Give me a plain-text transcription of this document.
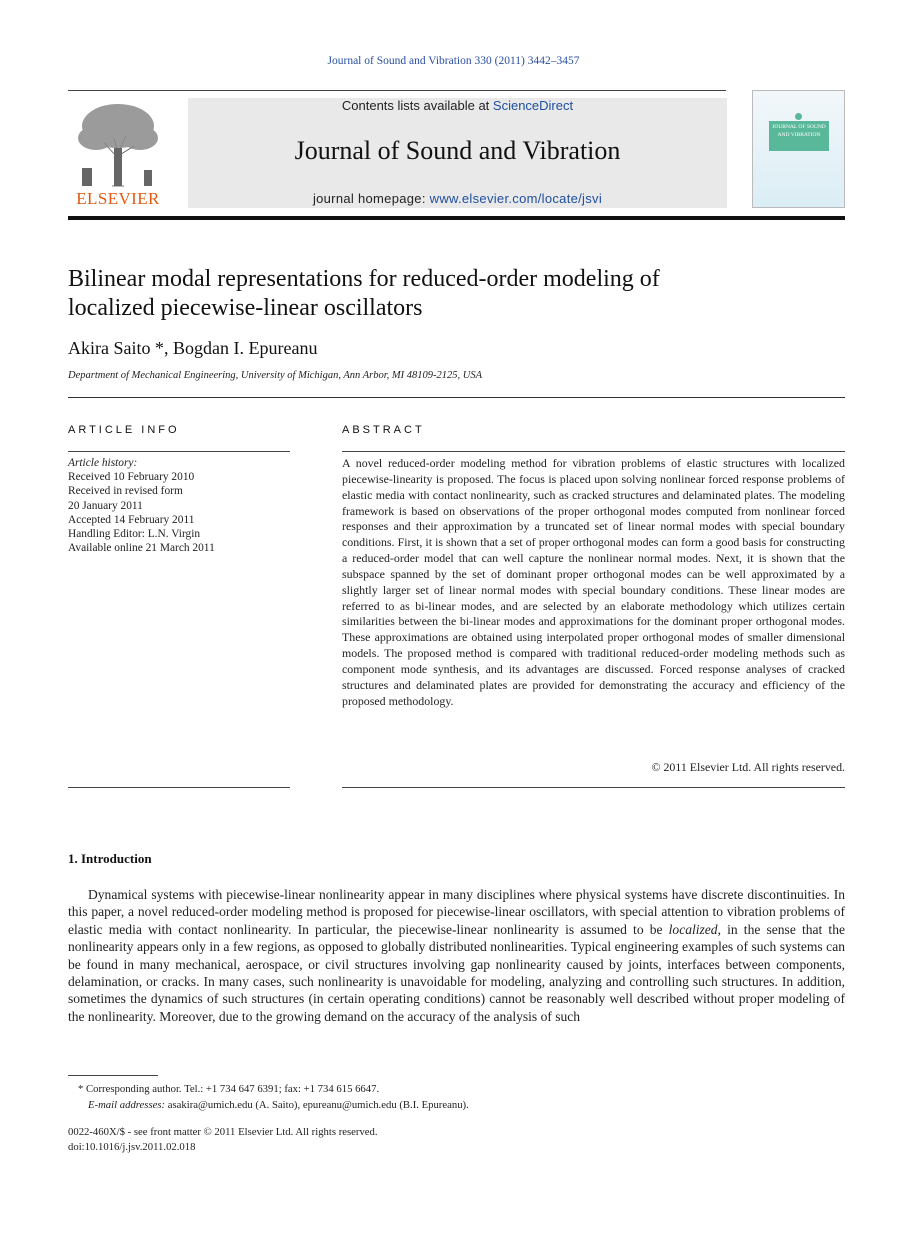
Journal of Sound and Vibration 330 (2011) 3442–3457
ELSEVIER
Contents lists available at ScienceDirect
Journal of Sound and Vibration
journal homepage: www.elsevier.com/locate/jsvi
JOURNAL OF SOUND AND VIBRATION
Bilinear modal representations for reduced-order modeling of
localized piecewise-linear oscillators
Akira Saito *, Bogdan I. Epureanu
Department of Mechanical Engineering, University of Michigan, Ann Arbor, MI 48109-2125, USA
ARTICLE INFO	ABSTRACT
Article history:
Received 10 February 2010
Received in revised form
20 January 2011
Accepted 14 February 2011
Handling Editor: L.N. Virgin
Available online 21 March 2011
A novel reduced-order modeling method for vibration problems of elastic structures with localized piecewise-linearity is proposed. The focus is placed upon solving nonlinear forced response problems of elastic media with contact nonlinearity, such as cracked structures and delaminated plates. The modeling framework is based on observations of the proper orthogonal modes computed from nonlinear forced responses and their approximation by a truncated set of linear normal modes with special boundary conditions. First, it is shown that a set of proper orthogonal modes can form a good basis for constructing a reduced-order model that can well capture the nonlinear normal modes. Next, it is shown that the subspace spanned by the set of dominant proper orthogonal modes can be well approximated by a slightly larger set of linear normal modes with special boundary conditions. These linear modes are referred to as bi-linear modes, and are selected by an elaborate methodology which utilizes certain similarities between the bi-linear modes and approximations for the dominant proper orthogonal modes. These approximations are obtained using interpolated proper orthogonal modes of smaller dimensional models. The proposed method is compared with traditional reduced-order modeling methods such as component mode synthesis, and its advantages are discussed. Forced response analyses of cracked structures and delaminated plates are provided for demonstrating the accuracy and efficiency of the proposed methodology.
© 2011 Elsevier Ltd. All rights reserved.
1. Introduction
Dynamical systems with piecewise-linear nonlinearity appear in many disciplines where physical systems have discrete discontinuities. In this paper, a novel reduced-order modeling method is proposed for piecewise-linear oscillators, with special attention to vibration problems of elastic media with contact nonlinearity. In particular, the piecewise-linear nonlinearity is assumed to be localized, in the sense that the nonlinearity appears only in a few regions, as opposed to globally distributed nonlinearities. Typical engineering examples of such systems can be found in many mechanical, aerospace, or civil structures involving gap nonlinearity caused by joints, interfaces between components, delamination, or cracks. In many cases, such nonlinearity is unavoidable for modeling, analyzing and controlling such structures. In addition, sometimes the dynamics of such structures (in certain operating conditions) cannot be reasonably well described without proper modeling of the nonlinearity. Moreover, due to the growing demand on the accuracy of the analysis of such
* Corresponding author. Tel.: +1 734 647 6391; fax: +1 734 615 6647.
E-mail addresses: asakira@umich.edu (A. Saito), epureanu@umich.edu (B.I. Epureanu).
0022-460X/$ - see front matter © 2011 Elsevier Ltd. All rights reserved.
doi:10.1016/j.jsv.2011.02.018
